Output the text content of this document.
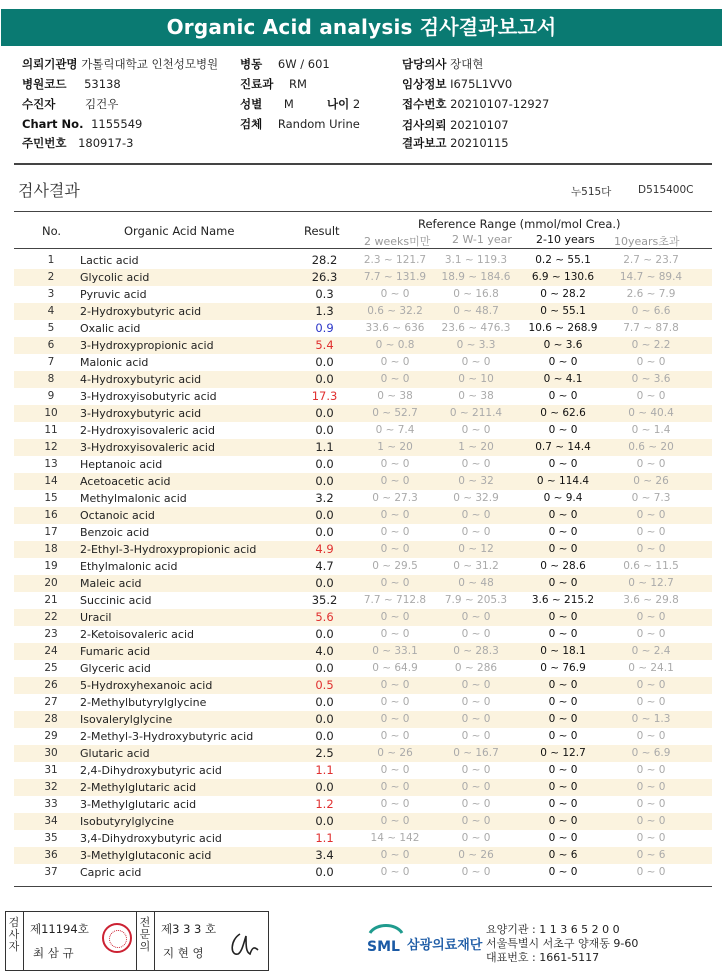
Organic Acid analysis 검사결과보고서
의뢰기관명 가톨릭대학교 인천성모병원 병동 6W / 601	담당의사 장대현
병원코드 53138	진료과 RM	임상정보 I675L1VV0
수진자	김건우	성별 M	나이 2	접수번호 20210107-12927
Chart No. 1155549	검체 Random Urine	검사의뢰 20210107
주민번호 180917-3	결과보고 20210115
검사결과	누515다	D515400C
No.	Organic Acid Name	Result	Reference Range (mmol/mol Crea.)
2 weeks미만 2 W-1 year 2-10 years 10years초과
1	Lactic acid	28.2	2.3 ~ 121.7	3.1 ~ 119.3	0.2 ~ 55.1	2.7 ~ 23.7
2	Glycolic acid	26.3	7.7 ~ 131.9	18.9 ~ 184.6	6.9 ~ 130.6	14.7 ~ 89.4
3	Pyruvic acid	0.3	0 ~ 0	0 ~ 16.8	0 ~ 28.2	2.6 ~ 7.9
4	2-Hydroxybutyric acid	1.3	0.6 ~ 32.2	0 ~ 48.7	0 ~ 55.1	0 ~ 6.6
5	Oxalic acid	0.9	33.6 ~ 636	23.6 ~ 476.3	10.6 ~ 268.9	7.7 ~ 87.8
6	3-Hydroxypropionic acid	5.4	0 ~ 0.8	0 ~ 3.3	0 ~ 3.6	0 ~ 2.2
7	Malonic acid	0.0	0 ~ 0	0 ~ 0	0 ~ 0	0 ~ 0
8	4-Hydroxybutyric acid	0.0	0 ~ 0	0 ~ 10	0 ~ 4.1	0 ~ 3.6
9	3-Hydroxyisobutyric acid	17.3	0 ~ 38	0 ~ 38	0 ~ 0	0 ~ 0
10	3-Hydroxybutyric acid	0.0	0 ~ 52.7	0 ~ 211.4	0 ~ 62.6	0 ~ 40.4
11	2-Hydroxyisovaleric acid	0.0	0 ~ 7.4	0 ~ 0	0 ~ 0	0 ~ 1.4
12	3-Hydroxyisovaleric acid	1.1	1 ~ 20	1 ~ 20	0.7 ~ 14.4	0.6 ~ 20
13	Heptanoic acid	0.0	0 ~ 0	0 ~ 0	0 ~ 0	0 ~ 0
14	Acetoacetic acid	0.0	0 ~ 0	0 ~ 32	0 ~ 114.4	0 ~ 26
15	Methylmalonic acid	3.2	0 ~ 27.3	0 ~ 32.9	0 ~ 9.4	0 ~ 7.3
16	Octanoic acid	0.0	0 ~ 0	0 ~ 0	0 ~ 0	0 ~ 0
17	Benzoic acid	0.0	0 ~ 0	0 ~ 0	0 ~ 0	0 ~ 0
18	2-Ethyl-3-Hydroxypropionic acid	4.9	0 ~ 0	0 ~ 12	0 ~ 0	0 ~ 0
19	Ethylmalonic acid	4.7	0 ~ 29.5	0 ~ 31.2	0 ~ 28.6	0.6 ~ 11.5
20	Maleic acid	0.0	0 ~ 0	0 ~ 48	0 ~ 0	0 ~ 12.7
21	Succinic acid	35.2	7.7 ~ 712.8	7.9 ~ 205.3	3.6 ~ 215.2	3.6 ~ 29.8
22	Uracil	5.6	0 ~ 0	0 ~ 0	0 ~ 0	0 ~ 0
23	2-Ketoisovaleric acid	0.0	0 ~ 0	0 ~ 0	0 ~ 0	0 ~ 0
24	Fumaric acid	4.0	0 ~ 33.1	0 ~ 28.3	0 ~ 18.1	0 ~ 2.4
25	Glyceric acid	0.0	0 ~ 64.9	0 ~ 286	0 ~ 76.9	0 ~ 24.1
26	5-Hydroxyhexanoic acid	0.5	0 ~ 0	0 ~ 0	0 ~ 0	0 ~ 0
27	2-Methylbutyrylglycine	0.0	0 ~ 0	0 ~ 0	0 ~ 0	0 ~ 0
28	Isovalerylglycine	0.0	0 ~ 0	0 ~ 0	0 ~ 0	0 ~ 1.3
29	2-Methyl-3-Hydroxybutyric acid	0.0	0 ~ 0	0 ~ 0	0 ~ 0	0 ~ 0
30	Glutaric acid	2.5	0 ~ 26	0 ~ 16.7	0 ~ 12.7	0 ~ 6.9
31	2,4-Dihydroxybutyric acid	1.1	0 ~ 0	0 ~ 0	0 ~ 0	0 ~ 0
32	2-Methylglutaric acid	0.0	0 ~ 0	0 ~ 0	0 ~ 0	0 ~ 0
33	3-Methylglutaric acid	1.2	0 ~ 0	0 ~ 0	0 ~ 0	0 ~ 0
34	Isobutyrylglycine	0.0	0 ~ 0	0 ~ 0	0 ~ 0	0 ~ 0
35	3,4-Dihydroxybutyric acid	1.1	14 ~ 142	0 ~ 0	0 ~ 0	0 ~ 0
36	3-Methylglutaconic acid	3.4	0 ~ 0	0 ~ 26	0 ~ 6	0 ~ 6
37	Capric acid	0.0	0 ~ 0	0 ~ 0	0 ~ 0	0 ~ 0
검사자
제11194호
최 삼 규
전문의
제3 3 3 호
지 현 영	SML 삼광의료재단
요양기관 : 1 1 3 6 5 2 0 0
서울특별시 서초구 양재동 9-60
대표번호 : 1661-5117
